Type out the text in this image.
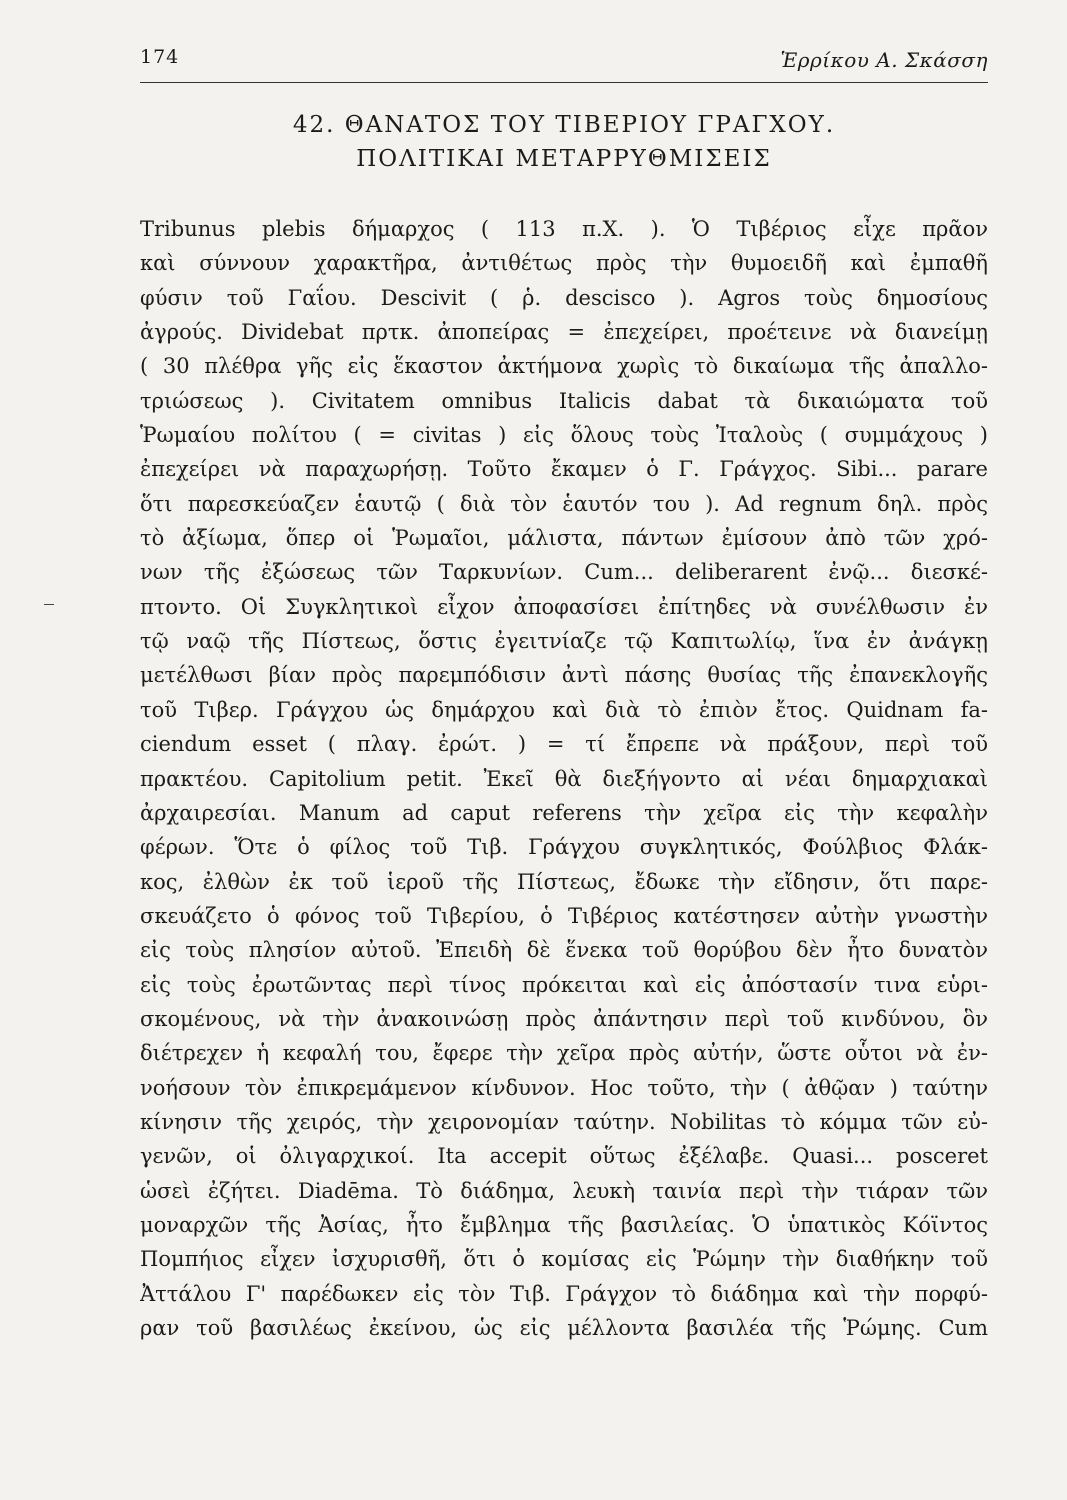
174	Ἑρρίκου Α. Σκάσση
42. ΘΑΝΑΤΟΣ ΤΟΥ ΤΙΒΕΡΙΟΥ ΓΡΑΓΧΟΥ.
ΠΟΛΙΤΙΚΑΙ ΜΕΤΑΡΡΥΘΜΙΣΕΙΣ
Tribunus plebis δήμαρχος ( 113 π.Χ. ). Ὁ Τιβέριος εἶχε πρᾶον
καὶ σύννουν χαρακτῆρα, ἀντιθέτως πρὸς τὴν θυμοειδῆ καὶ ἐμπαθῆ
φύσιν τοῦ Γαΐου. Descivit ( ῥ. descisco ). Agros τοὺς δημοσίους
ἀγρούς. Dividebat πρτκ. ἀποπείρας = ἐπεχείρει, προέτεινε νὰ διανείμῃ
( 30 πλέθρα γῆς εἰς ἕκαστον ἀκτήμονα χωρὶς τὸ δικαίωμα τῆς ἀπαλλο-
τριώσεως ). Civitatem omnibus Italicis dabat τὰ δικαιώματα τοῦ
Ῥωμαίου πολίτου ( = civitas ) εἰς ὅλους τοὺς Ἰταλοὺς ( συμμάχους )
ἐπεχείρει νὰ παραχωρήσῃ. Τοῦτο ἔκαμεν ὁ Γ. Γράγχος. Sibi... parare
ὅτι παρεσκεύαζεν ἑαυτῷ ( διὰ τὸν ἑαυτόν του ). Ad regnum δηλ. πρὸς
τὸ ἀξίωμα, ὅπερ οἱ Ῥωμαῖοι, μάλιστα, πάντων ἐμίσουν ἀπὸ τῶν χρό-
νων τῆς ἐξώσεως τῶν Ταρκυνίων. Cum... deliberarent ἐνῷ... διεσκέ-
πτοντο. Οἱ Συγκλητικοὶ εἶχον ἀποφασίσει ἐπίτηδες νὰ συνέλθωσιν ἐν
τῷ ναῷ τῆς Πίστεως, ὅστις ἐγειτνίαζε τῷ Καπιτωλίῳ, ἵνα ἐν ἀνάγκῃ
μετέλθωσι βίαν πρὸς παρεμπόδισιν ἀντὶ πάσης θυσίας τῆς ἐπανεκλογῆς
τοῦ Τιβερ. Γράγχου ὡς δημάρχου καὶ διὰ τὸ ἐπιὸν ἔτος. Quidnam fa-
ciendum esset ( πλαγ. ἐρώτ. ) = τί ἔπρεπε νὰ πράξουν, περὶ τοῦ
πρακτέου. Capitolium petit. Ἐκεῖ θὰ διεξήγοντο αἱ νέαι δημαρχιακαὶ
ἀρχαιρεσίαι. Manum ad caput referens τὴν χεῖρα εἰς τὴν κεφαλὴν
φέρων. Ὅτε ὁ φίλος τοῦ Τιβ. Γράγχου συγκλητικός, Φούλβιος Φλάκ-
κος, ἐλθὼν ἐκ τοῦ ἱεροῦ τῆς Πίστεως, ἔδωκε τὴν εἴδησιν, ὅτι παρε-
σκευάζετο ὁ φόνος τοῦ Τιβερίου, ὁ Τιβέριος κατέστησεν αὐτὴν γνωστὴν
εἰς τοὺς πλησίον αὐτοῦ. Ἐπειδὴ δὲ ἕνεκα τοῦ θορύβου δὲν ἦτο δυνατὸν
εἰς τοὺς ἐρωτῶντας περὶ τίνος πρόκειται καὶ εἰς ἀπόστασίν τινα εὑρι-
σκομένους, νὰ τὴν ἀνακοινώσῃ πρὸς ἀπάντησιν περὶ τοῦ κινδύνου, ὃν
διέτρεχεν ἡ κεφαλή του, ἔφερε τὴν χεῖρα πρὸς αὐτήν, ὥστε οὗτοι νὰ ἐν-
νοήσουν τὸν ἐπικρεμάμενον κίνδυνον. Hoc τοῦτο, τὴν ( ἀθῷαν ) ταύτην
κίνησιν τῆς χειρός, τὴν χειρονομίαν ταύτην. Nobilitas τὸ κόμμα τῶν εὐ-
γενῶν, οἱ ὀλιγαρχικοί. Ita accepit οὕτως ἐξέλαβε. Quasi... posceret
ὡσεὶ ἐζήτει. Diadēma. Τὸ διάδημα, λευκὴ ταινία περὶ τὴν τιάραν τῶν
μοναρχῶν τῆς Ἀσίας, ἦτο ἔμβλημα τῆς βασιλείας. Ὁ ὑπατικὸς Κόϊντος
Πομπήιος εἶχεν ἰσχυρισθῆ, ὅτι ὁ κομίσας εἰς Ῥώμην τὴν διαθήκην τοῦ
Ἀττάλου Γ' παρέδωκεν εἰς τὸν Τιβ. Γράγχον τὸ διάδημα καὶ τὴν πορφύ-
ραν τοῦ βασιλέως ἐκείνου, ὡς εἰς μέλλοντα βασιλέα τῆς Ῥώμης. Cum
